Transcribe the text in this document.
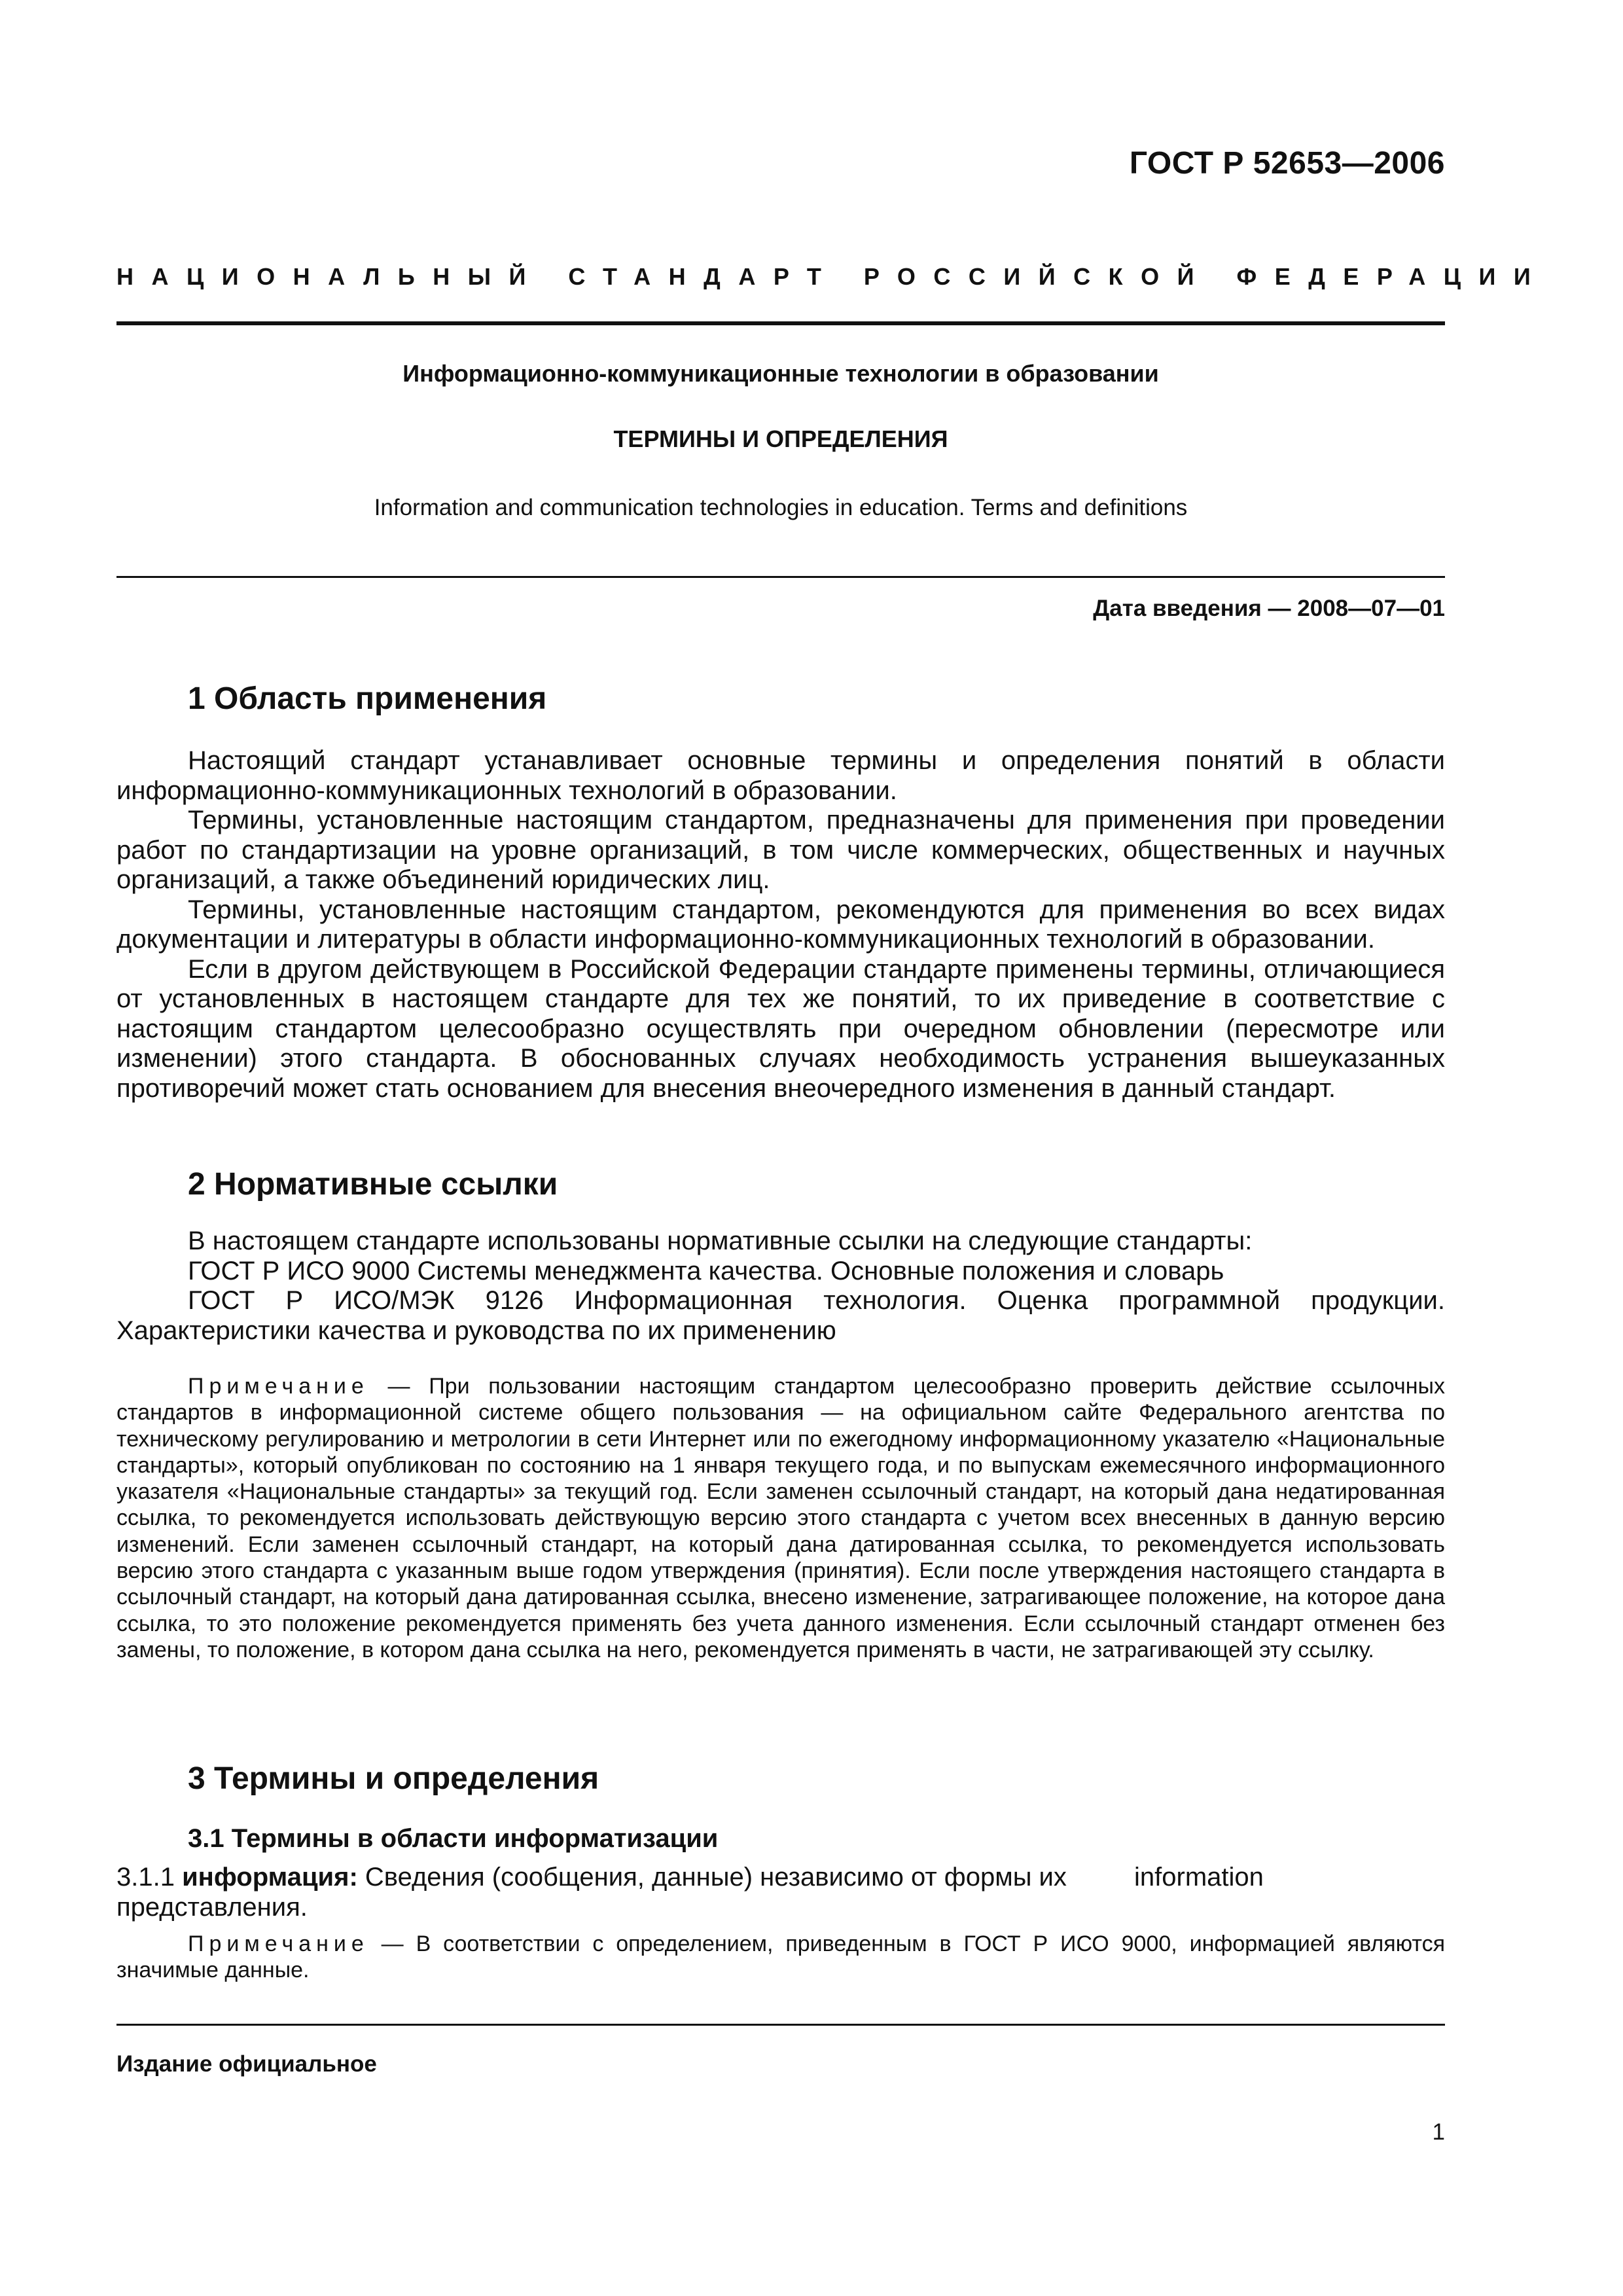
ГОСТ Р 52653—2006
НАЦИОНАЛЬНЫЙ СТАНДАРТ РОССИЙСКОЙ ФЕДЕРАЦИИ
Информационно-коммуникационные технологии в образовании
ТЕРМИНЫ И ОПРЕДЕЛЕНИЯ
Information and communication technologies in education. Terms and definitions
Дата введения — 2008—07—01
1 Область применения

Настоящий стандарт устанавливает основные термины и определения понятий в области информационно-коммуникационных технологий в образовании.

Термины, установленные настоящим стандартом, предназначены для применения при проведении работ по стандартизации на уровне организаций, в том числе коммерческих, общественных и научных организаций, а также объединений юридических лиц.

Термины, установленные настоящим стандартом, рекомендуются для применения во всех видах документации и литературы в области информационно-коммуникационных технологий в образовании.

Если в другом действующем в Российской Федерации стандарте применены термины, отличающиеся от установленных в настоящем стандарте для тех же понятий, то их приведение в соответствие с настоящим стандартом целесообразно осуществлять при очередном обновлении (пересмотре или изменении) этого стандарта. В обоснованных случаях необходимость устранения вышеуказанных противоречий может стать основанием для внесения внеочередного изменения в данный стандарт.

2 Нормативные ссылки

В настоящем стандарте использованы нормативные ссылки на следующие стандарты:

ГОСТ Р ИСО 9000 Системы менеджмента качества. Основные положения и словарь

ГОСТ Р ИСО/МЭК 9126 Информационная технология. Оценка программной продукции. Характеристики качества и руководства по их применению

Примечание — При пользовании настоящим стандартом целесообразно проверить действие ссылочных стандартов в информационной системе общего пользования — на официальном сайте Федерального агентства по техническому регулированию и метрологии в сети Интернет или по ежегодному информационному указателю «Национальные стандарты», который опубликован по состоянию на 1 января текущего года, и по выпускам ежемесячного информационного указателя «Национальные стандарты» за текущий год. Если заменен ссылочный стандарт, на который дана недатированная ссылка, то рекомендуется использовать действующую версию этого стандарта с учетом всех внесенных в данную версию изменений. Если заменен ссылочный стандарт, на который дана датированная ссылка, то рекомендуется использовать версию этого стандарта с указанным выше годом утверждения (принятия). Если после утверждения настоящего стандарта в ссылочный стандарт, на который дана датированная ссылка, внесено изменение, затрагивающее положение, на которое дана ссылка, то это положение рекомендуется применять без учета данного изменения. Если ссылочный стандарт отменен без замены, то положение, в котором дана ссылка на него, рекомендуется применять в части, не затрагивающей эту ссылку.

3 Термины и определения
3.1 Термины в области информатизации
3.1.1 информация: Сведения (сообщения, данные) независимо от формы их представления.
information

Примечание — В соответствии с определением, приведенным в ГОСТ Р ИСО 9000, информацией являются значимые данные.

Издание официальное
1
